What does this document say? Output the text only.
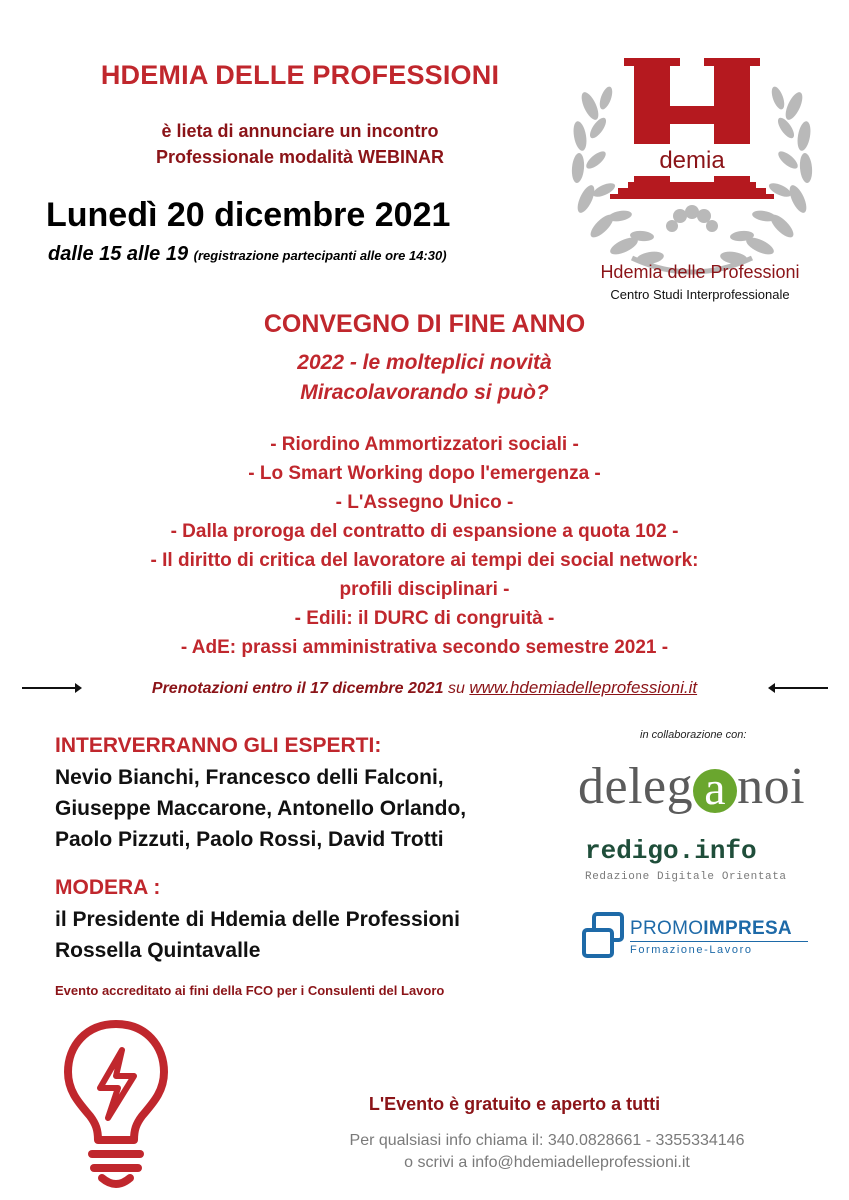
HDEMIA DELLE PROFESSIONI
è lieta di annunciare un incontro
Professionale modalità WEBINAR
Lunedì 20 dicembre 2021
dalle 15 alle 19 (registrazione partecipanti alle ore 14:30)
demia
Hdemia delle Professioni
Centro Studi Interprofessionale
CONVEGNO DI FINE ANNO
2022 - le molteplici novità
Miracolavorando si può?
- Riordino Ammortizzatori sociali -
- Lo Smart Working dopo l'emergenza -
- L'Assegno Unico -
- Dalla proroga del contratto di espansione a quota 102 -
- Il diritto di critica del lavoratore ai tempi dei social network:
profili disciplinari -
- Edili: il DURC di congruità -
- AdE: prassi amministrativa secondo semestre 2021 -
Prenotazioni entro il 17 dicembre 2021 su www.hdemiadelleprofessioni.it
INTERVERRANNO GLI ESPERTI:
Nevio Bianchi, Francesco delli Falconi,
Giuseppe Maccarone, Antonello Orlando,
Paolo Pizzuti, Paolo Rossi, David Trotti
MODERA :
il Presidente di Hdemia delle Professioni
Rossella Quintavalle
Evento accreditato ai fini della FCO per i Consulenti del Lavoro
in collaborazione con:
deleg a noi
redigo.info
Redazione Digitale Orientata
PROMOIMPRESA
Formazione-Lavoro
L'Evento è gratuito e aperto a tutti
Per qualsiasi info chiama il: 340.0828661 - 3355334146
o scrivi a info@hdemiadelleprofessioni.it
